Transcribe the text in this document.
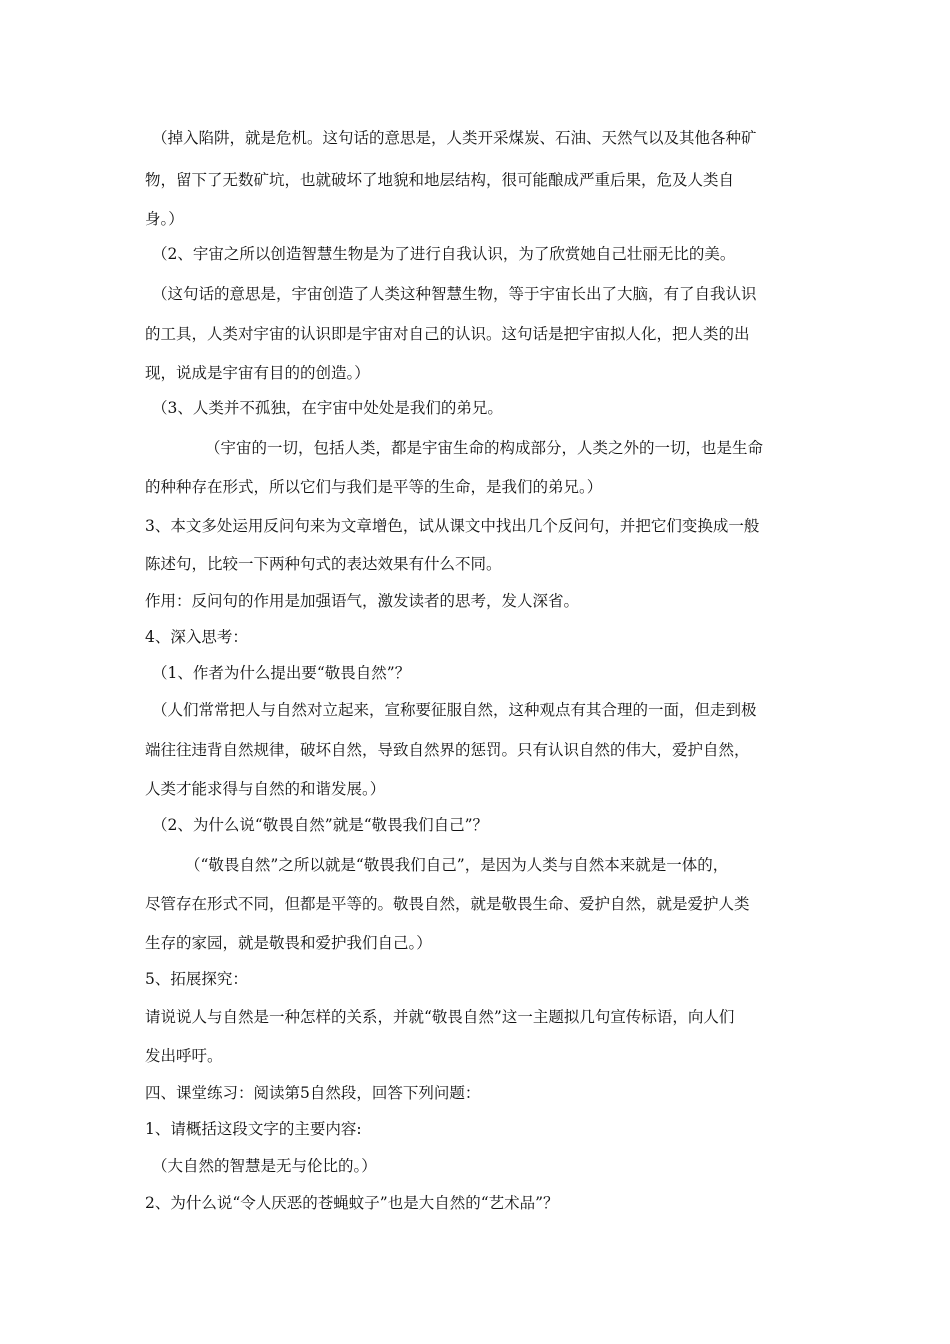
（掉入陷阱，就是危机。这句话的意思是，人类开采煤炭、石油、天然气以及其他各种矿
物，留下了无数矿坑，也就破坏了地貌和地层结构，很可能酿成严重后果，危及人类自
身。）
（2、宇宙之所以创造智慧生物是为了进行自我认识，为了欣赏她自己壮丽无比的美。
（这句话的意思是，宇宙创造了人类这种智慧生物，等于宇宙长出了大脑，有了自我认识
的工具，人类对宇宙的认识即是宇宙对自己的认识。这句话是把宇宙拟人化，把人类的出
现，说成是宇宙有目的的创造。）
（3、人类并不孤独，在宇宙中处处是我们的弟兄。
（宇宙的一切，包括人类，都是宇宙生命的构成部分，人类之外的一切，也是生命
的种种存在形式，所以它们与我们是平等的生命，是我们的弟兄。）
3、本文多处运用反问句来为文章增色，试从课文中找出几个反问句，并把它们变换成一般
陈述句，比较一下两种句式的表达效果有什么不同。
作用：反问句的作用是加强语气，激发读者的思考，发人深省。
4、深入思考：
（1、作者为什么提出要“敬畏自然”？
（人们常常把人与自然对立起来，宣称要征服自然，这种观点有其合理的一面，但走到极
端往往违背自然规律，破坏自然，导致自然界的惩罚。只有认识自然的伟大，爱护自然，
人类才能求得与自然的和谐发展。）
（2、为什么说“敬畏自然”就是“敬畏我们自己”？
（“敬畏自然”之所以就是“敬畏我们自己”，是因为人类与自然本来就是一体的，
尽管存在形式不同，但都是平等的。敬畏自然，就是敬畏生命、爱护自然，就是爱护人类
生存的家园，就是敬畏和爱护我们自己。）
5、拓展探究：
请说说人与自然是一种怎样的关系，并就“敬畏自然”这一主题拟几句宣传标语，向人们
发出呼吁。
四、课堂练习：阅读第5自然段，回答下列问题：
1、请概括这段文字的主要内容:
（大自然的智慧是无与伦比的。）
2、为什么说“令人厌恶的苍蝇蚊子”也是大自然的“艺术品”？
